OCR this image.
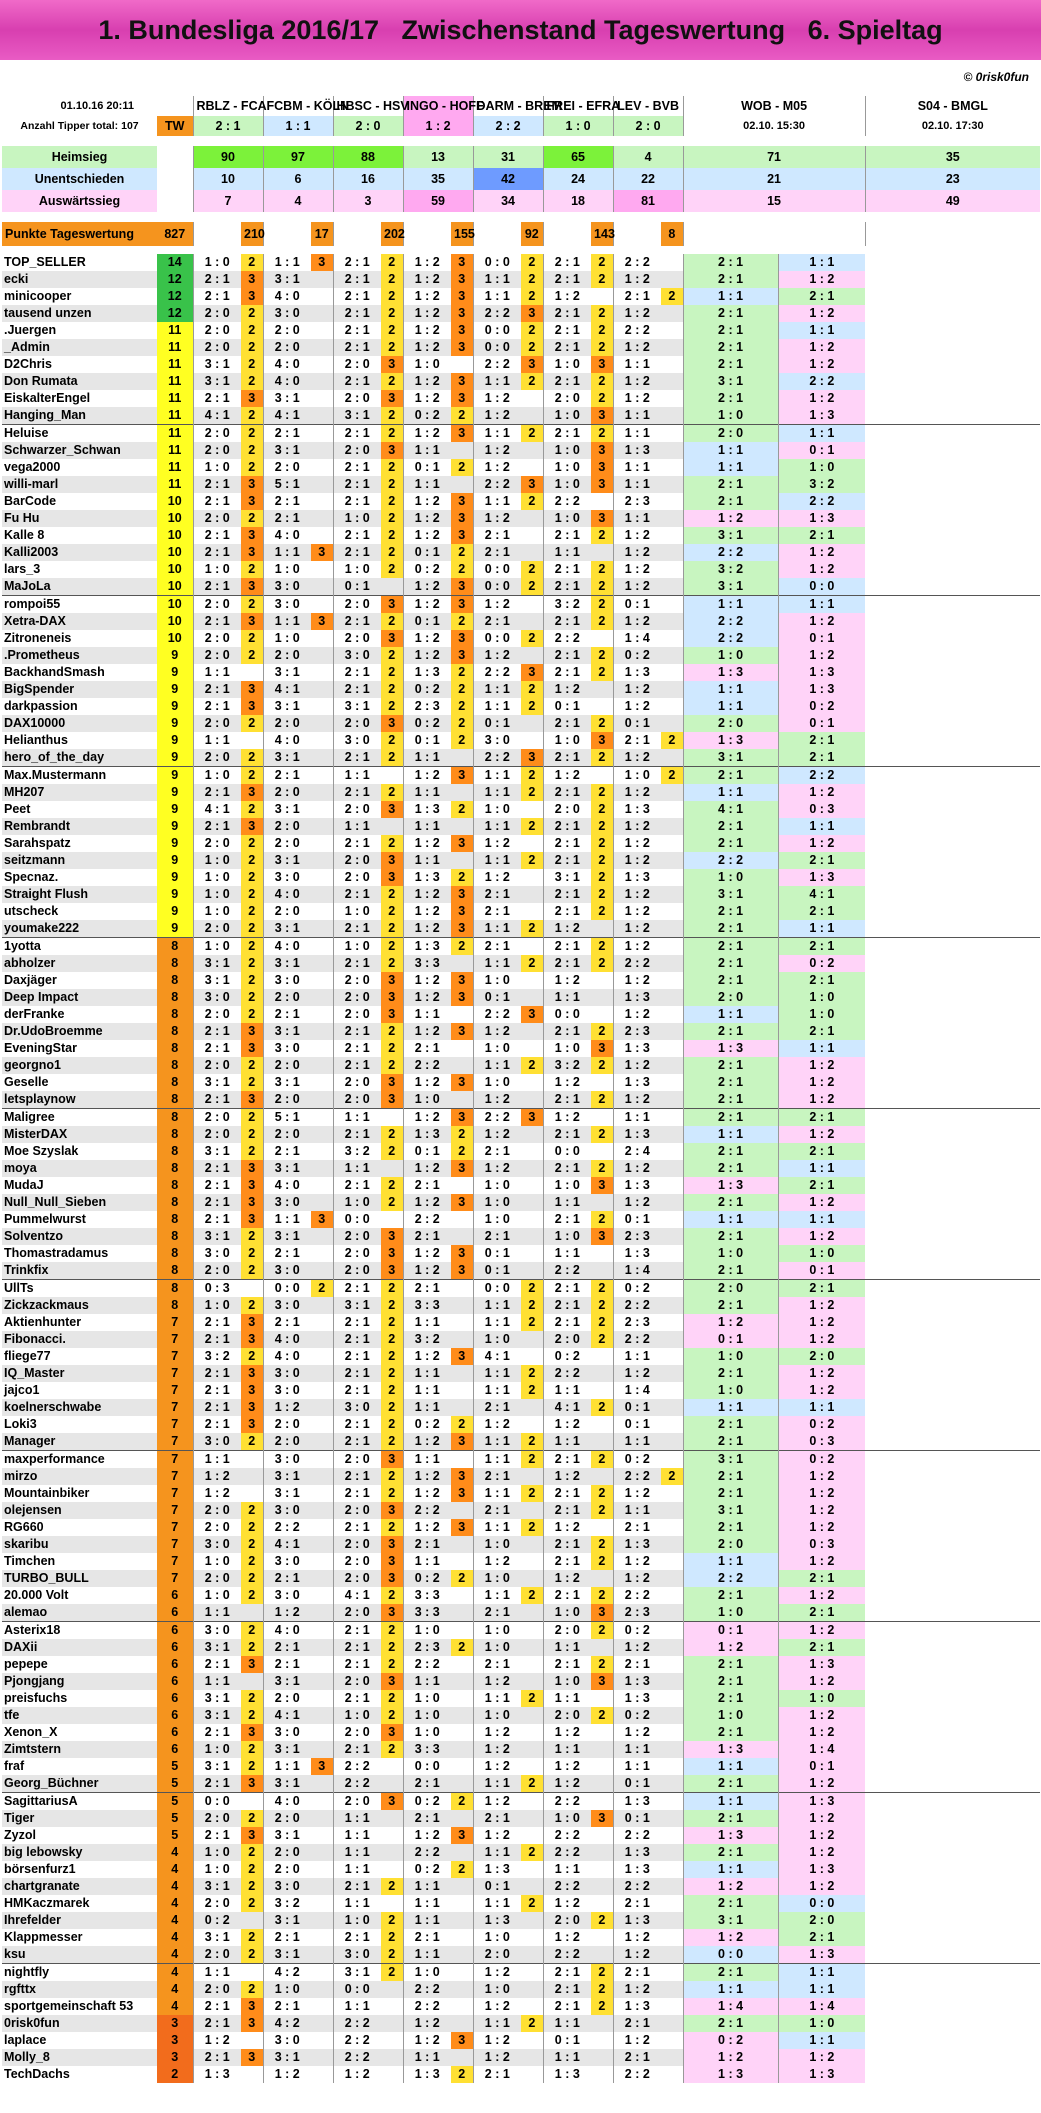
1. Bundesliga 2016/17   Zwischenstand Tageswertung   6. Spieltag
© 0risk0fun
01.10.16 20:11		RBLZ - FCA		FCBM - KÖLN		HBSC - HSV		INGO - HOFF		DARM - BREM		FREI - EFRA		LEV - BVB		WOB - M05		S04 - BMGL	
Anzahl Tipper total: 107	TW	2 : 1		1 : 1		2 : 0		1 : 2		2 : 2		1 : 0		2 : 0		02.10. 15:30		02.10. 17:30	

Heimsieg		90		97		88		13		31		65		4		71		35	
Unentschieden		10		6		16		35		42		24		22		21		23	
Auswärtssieg		7		4		3		59		34		18		81		15		49	

Punkte Tageswertung	827		210		17		202		155		92		143		8				

TOP_SELLER	14	1 : 0	2	1 : 1	3	2 : 1	2	1 : 2	3	0 : 0	2	2 : 1	2	2 : 2		2 : 1	1 : 1		
ecki	12	2 : 1	3	3 : 1		2 : 1	2	1 : 2	3	1 : 1	2	2 : 1	2	1 : 2		2 : 1	1 : 2		
minicooper	12	2 : 1	3	4 : 0		2 : 1	2	1 : 2	3	1 : 1	2	1 : 2		2 : 1	2	1 : 1	2 : 1		
tausend unzen	12	2 : 0	2	3 : 0		2 : 1	2	1 : 2	3	2 : 2	3	2 : 1	2	1 : 2		2 : 1	1 : 2		
.Juergen	11	2 : 0	2	2 : 0		2 : 1	2	1 : 2	3	0 : 0	2	2 : 1	2	2 : 2		2 : 1	1 : 1		
_Admin	11	2 : 0	2	2 : 0		2 : 1	2	1 : 2	3	0 : 0	2	2 : 1	2	1 : 2		2 : 1	1 : 2		
D2Chris	11	3 : 1	2	4 : 0		2 : 0	3	1 : 0		2 : 2	3	1 : 0	3	1 : 1		2 : 1	1 : 2		
Don Rumata	11	3 : 1	2	4 : 0		2 : 1	2	1 : 2	3	1 : 1	2	2 : 1	2	1 : 2		3 : 1	2 : 2		
EiskalterEngel	11	2 : 1	3	3 : 1		2 : 0	3	1 : 2	3	1 : 2		2 : 0	2	1 : 2		2 : 1	1 : 2		
Hanging_Man	11	4 : 1	2	4 : 1		3 : 1	2	0 : 2	2	1 : 2		1 : 0	3	1 : 1		1 : 0	1 : 3		
Heluise	11	2 : 0	2	2 : 1		2 : 1	2	1 : 2	3	1 : 1	2	2 : 1	2	1 : 1		2 : 0	1 : 1		
Schwarzer_Schwan	11	2 : 0	2	3 : 1		2 : 0	3	1 : 1		1 : 2		1 : 0	3	1 : 3		1 : 1	0 : 1		
vega2000	11	1 : 0	2	2 : 0		2 : 1	2	0 : 1	2	1 : 2		1 : 0	3	1 : 1		1 : 1	1 : 0		
willi-marl	11	2 : 1	3	5 : 1		2 : 1	2	1 : 1		2 : 2	3	1 : 0	3	1 : 1		2 : 1	3 : 2		
BarCode	10	2 : 1	3	2 : 1		2 : 1	2	1 : 2	3	1 : 1	2	2 : 2		2 : 3		2 : 1	2 : 2		
Fu Hu	10	2 : 0	2	2 : 1		1 : 0	2	1 : 2	3	1 : 2		1 : 0	3	1 : 1		1 : 2	1 : 3		
Kalle 8	10	2 : 1	3	4 : 0		2 : 1	2	1 : 2	3	2 : 1		2 : 1	2	1 : 2		3 : 1	2 : 1		
Kalli2003	10	2 : 1	3	1 : 1	3	2 : 1	2	0 : 1	2	2 : 1		1 : 1		1 : 2		2 : 2	1 : 2		
lars_3	10	1 : 0	2	1 : 0		1 : 0	2	0 : 2	2	0 : 0	2	2 : 1	2	1 : 2		3 : 2	1 : 2		
MaJoLa	10	2 : 1	3	3 : 0		0 : 1		1 : 2	3	0 : 0	2	2 : 1	2	1 : 2		3 : 1	0 : 0		
rompoi55	10	2 : 0	2	3 : 0		2 : 0	3	1 : 2	3	1 : 2		3 : 2	2	0 : 1		1 : 1	1 : 1		
Xetra-DAX	10	2 : 1	3	1 : 1	3	2 : 1	2	0 : 1	2	2 : 1		2 : 1	2	1 : 2		2 : 2	1 : 2		
Zitroneneis	10	2 : 0	2	1 : 0		2 : 0	3	1 : 2	3	0 : 0	2	2 : 2		1 : 4		2 : 2	0 : 1		
.Prometheus	9	2 : 0	2	2 : 0		3 : 0	2	1 : 2	3	1 : 2		2 : 1	2	0 : 2		1 : 0	1 : 2		
BackhandSmash	9	1 : 1		3 : 1		2 : 1	2	1 : 3	2	2 : 2	3	2 : 1	2	1 : 3		1 : 3	1 : 3		
BigSpender	9	2 : 1	3	4 : 1		2 : 1	2	0 : 2	2	1 : 1	2	1 : 2		1 : 2		1 : 1	1 : 3		
darkpassion	9	2 : 1	3	3 : 1		3 : 1	2	2 : 3	2	1 : 1	2	0 : 1		1 : 2		1 : 1	0 : 2		
DAX10000	9	2 : 0	2	2 : 0		2 : 0	3	0 : 2	2	0 : 1		2 : 1	2	0 : 1		2 : 0	0 : 1		
Helianthus	9	1 : 1		4 : 0		3 : 0	2	0 : 1	2	3 : 0		1 : 0	3	2 : 1	2	1 : 3	2 : 1		
hero_of_the_day	9	2 : 0	2	3 : 1		2 : 1	2	1 : 1		2 : 2	3	2 : 1	2	1 : 2		3 : 1	2 : 1		
Max.Mustermann	9	1 : 0	2	2 : 1		1 : 1		1 : 2	3	1 : 1	2	1 : 2		1 : 0	2	2 : 1	2 : 2		
MH207	9	2 : 1	3	2 : 0		2 : 1	2	1 : 1		1 : 1	2	2 : 1	2	1 : 2		1 : 1	1 : 2		
Peet	9	4 : 1	2	3 : 1		2 : 0	3	1 : 3	2	1 : 0		2 : 0	2	1 : 3		4 : 1	0 : 3		
Rembrandt	9	2 : 1	3	2 : 0		1 : 1		1 : 1		1 : 1	2	2 : 1	2	1 : 2		2 : 1	1 : 1		
Sarahspatz	9	2 : 0	2	2 : 0		2 : 1	2	1 : 2	3	1 : 2		2 : 1	2	1 : 2		2 : 1	1 : 2		
seitzmann	9	1 : 0	2	3 : 1		2 : 0	3	1 : 1		1 : 1	2	2 : 1	2	1 : 2		2 : 2	2 : 1		
Specnaz.	9	1 : 0	2	3 : 0		2 : 0	3	1 : 3	2	1 : 2		3 : 1	2	1 : 3		1 : 0	1 : 3		
Straight Flush	9	1 : 0	2	4 : 0		2 : 1	2	1 : 2	3	2 : 1		2 : 1	2	1 : 2		3 : 1	4 : 1		
utscheck	9	1 : 0	2	2 : 0		1 : 0	2	1 : 2	3	2 : 1		2 : 1	2	1 : 2		2 : 1	2 : 1		
youmake222	9	2 : 0	2	3 : 1		2 : 1	2	1 : 2	3	1 : 1	2	1 : 2		1 : 2		2 : 1	1 : 1		
1yotta	8	1 : 0	2	4 : 0		1 : 0	2	1 : 3	2	2 : 1		2 : 1	2	1 : 2		2 : 1	2 : 1		
abholzer	8	3 : 1	2	3 : 1		2 : 1	2	3 : 3		1 : 1	2	2 : 1	2	2 : 2		2 : 1	0 : 2		
Daxjäger	8	3 : 1	2	3 : 0		2 : 0	3	1 : 2	3	1 : 0		1 : 2		1 : 2		2 : 1	2 : 1		
Deep Impact	8	3 : 0	2	2 : 0		2 : 0	3	1 : 2	3	0 : 1		1 : 1		1 : 3		2 : 0	1 : 0		
derFranke	8	2 : 0	2	2 : 1		2 : 0	3	1 : 1		2 : 2	3	0 : 0		1 : 2		1 : 1	1 : 0		
Dr.UdoBroemme	8	2 : 1	3	3 : 1		2 : 1	2	1 : 2	3	1 : 2		2 : 1	2	2 : 3		2 : 1	2 : 1		
EveningStar	8	2 : 1	3	3 : 0		2 : 1	2	2 : 1		1 : 0		1 : 0	3	1 : 3		1 : 3	1 : 1		
georgno1	8	2 : 0	2	2 : 0		2 : 1	2	2 : 2		1 : 1	2	3 : 2	2	1 : 2		2 : 1	1 : 2		
Geselle	8	3 : 1	2	3 : 1		2 : 0	3	1 : 2	3	1 : 0		1 : 2		1 : 3		2 : 1	1 : 2		
letsplaynow	8	2 : 1	3	2 : 0		2 : 0	3	1 : 0		1 : 2		2 : 1	2	1 : 2		2 : 1	1 : 2		
Maligree	8	2 : 0	2	5 : 1		1 : 1		1 : 2	3	2 : 2	3	1 : 2		1 : 1		2 : 1	2 : 1		
MisterDAX	8	2 : 0	2	2 : 0		2 : 1	2	1 : 3	2	1 : 2		2 : 1	2	1 : 3		1 : 1	1 : 2		
Moe Szyslak	8	3 : 1	2	2 : 1		3 : 2	2	0 : 1	2	2 : 1		0 : 0		2 : 4		2 : 1	2 : 1		
moya	8	2 : 1	3	3 : 1		1 : 1		1 : 2	3	1 : 2		2 : 1	2	1 : 2		2 : 1	1 : 1		
MudaJ	8	2 : 1	3	4 : 0		2 : 1	2	2 : 1		1 : 0		1 : 0	3	1 : 3		1 : 3	2 : 1		
Null_Null_Sieben	8	2 : 1	3	3 : 0		1 : 0	2	1 : 2	3	1 : 0		1 : 1		1 : 2		2 : 1	1 : 2		
Pummelwurst	8	2 : 1	3	1 : 1	3	0 : 0		2 : 2		1 : 0		2 : 1	2	0 : 1		1 : 1	1 : 1		
Solventzo	8	3 : 1	2	3 : 1		2 : 0	3	2 : 1		2 : 1		1 : 0	3	2 : 3		2 : 1	1 : 2		
Thomastradamus	8	3 : 0	2	2 : 1		2 : 0	3	1 : 2	3	0 : 1		1 : 1		1 : 3		1 : 0	1 : 0		
Trinkfix	8	2 : 0	2	3 : 0		2 : 0	3	1 : 2	3	0 : 1		2 : 2		1 : 4		2 : 1	0 : 1		
UllTs	8	0 : 3		0 : 0	2	2 : 1	2	2 : 1		0 : 0	2	2 : 1	2	0 : 2		2 : 0	2 : 1		
Zickzackmaus	8	1 : 0	2	3 : 0		3 : 1	2	3 : 3		1 : 1	2	2 : 1	2	2 : 2		2 : 1	1 : 2		
Aktienhunter	7	2 : 1	3	2 : 1		2 : 1	2	1 : 1		1 : 1	2	2 : 1	2	2 : 3		1 : 2	1 : 2		
Fibonacci.	7	2 : 1	3	4 : 0		2 : 1	2	3 : 2		1 : 0		2 : 0	2	2 : 2		0 : 1	1 : 2		
fliege77	7	3 : 2	2	4 : 0		2 : 1	2	1 : 2	3	4 : 1		0 : 2		1 : 1		1 : 0	2 : 0		
IQ_Master	7	2 : 1	3	3 : 0		2 : 1	2	1 : 1		1 : 1	2	2 : 2		1 : 2		2 : 1	1 : 2		
jajco1	7	2 : 1	3	3 : 0		2 : 1	2	1 : 1		1 : 1	2	1 : 1		1 : 4		1 : 0	1 : 2		
koelnerschwabe	7	2 : 1	3	1 : 2		3 : 0	2	1 : 1		2 : 1		4 : 1	2	0 : 1		1 : 1	1 : 1		
Loki3	7	2 : 1	3	2 : 0		2 : 1	2	0 : 2	2	1 : 2		1 : 2		0 : 1		2 : 1	0 : 2		
Manager	7	3 : 0	2	2 : 0		2 : 1	2	1 : 2	3	1 : 1	2	1 : 1		1 : 1		2 : 1	0 : 3		
maxperformance	7	1 : 1		3 : 0		2 : 0	3	1 : 1		1 : 1	2	2 : 1	2	0 : 2		3 : 1	0 : 2		
mirzo	7	1 : 2		3 : 1		2 : 1	2	1 : 2	3	2 : 1		1 : 2		2 : 2	2	2 : 1	1 : 2		
Mountainbiker	7	1 : 2		3 : 1		2 : 1	2	1 : 2	3	1 : 1	2	2 : 1	2	1 : 2		2 : 1	1 : 2		
olejensen	7	2 : 0	2	3 : 0		2 : 0	3	2 : 2		2 : 1		2 : 1	2	1 : 1		3 : 1	1 : 2		
RG660	7	2 : 0	2	2 : 2		2 : 1	2	1 : 2	3	1 : 1	2	1 : 2		2 : 1		2 : 1	1 : 2		
skaribu	7	3 : 0	2	4 : 1		2 : 0	3	2 : 1		1 : 0		2 : 1	2	1 : 3		2 : 0	0 : 3		
Timchen	7	1 : 0	2	3 : 0		2 : 0	3	1 : 1		1 : 2		2 : 1	2	1 : 2		1 : 1	1 : 2		
TURBO_BULL	7	2 : 0	2	2 : 1		2 : 0	3	0 : 2	2	1 : 0		1 : 2		1 : 2		2 : 2	2 : 1		
20.000 Volt	6	1 : 0	2	3 : 0		4 : 1	2	3 : 3		1 : 1	2	2 : 1	2	2 : 2		2 : 1	1 : 2		
alemao	6	1 : 1		1 : 2		2 : 0	3	3 : 3		2 : 1		1 : 0	3	2 : 3		1 : 0	2 : 1		
Asterix18	6	3 : 0	2	4 : 0		2 : 1	2	1 : 0		1 : 0		2 : 0	2	0 : 2		0 : 1	1 : 2		
DAXii	6	3 : 1	2	2 : 1		2 : 1	2	2 : 3	2	1 : 0		1 : 1		1 : 2		1 : 2	2 : 1		
pepepe	6	2 : 1	3	2 : 1		2 : 1	2	2 : 2		2 : 1		2 : 1	2	2 : 1		2 : 1	1 : 3		
Pjongjang	6	1 : 1		3 : 1		2 : 0	3	1 : 1		1 : 2		1 : 0	3	1 : 3		2 : 1	1 : 2		
preisfuchs	6	3 : 1	2	2 : 0		2 : 1	2	1 : 0		1 : 1	2	1 : 1		1 : 3		2 : 1	1 : 0		
tfe	6	3 : 1	2	4 : 1		1 : 0	2	1 : 0		1 : 0		2 : 0	2	0 : 2		1 : 0	1 : 2		
Xenon_X	6	2 : 1	3	3 : 0		2 : 0	3	1 : 0		1 : 2		1 : 2		1 : 2		2 : 1	1 : 2		
Zimtstern	6	1 : 0	2	3 : 1		2 : 1	2	3 : 3		1 : 2		1 : 1		1 : 1		1 : 3	1 : 4		
fraf	5	3 : 1	2	1 : 1	3	2 : 2		0 : 0		1 : 2		1 : 2		1 : 1		1 : 1	0 : 1		
Georg_Büchner	5	2 : 1	3	3 : 1		2 : 2		2 : 1		1 : 1	2	1 : 2		0 : 1		2 : 1	1 : 2		
SagittariusA	5	0 : 0		4 : 0		2 : 0	3	0 : 2	2	1 : 2		2 : 2		1 : 3		1 : 1	1 : 3		
Tiger	5	2 : 0	2	2 : 0		1 : 1		2 : 1		2 : 1		1 : 0	3	0 : 1		2 : 1	1 : 2		
Zyzol	5	2 : 1	3	3 : 1		1 : 1		1 : 2	3	1 : 2		2 : 2		2 : 2		1 : 3	1 : 2		
big lebowsky	4	1 : 0	2	2 : 0		1 : 1		2 : 2		1 : 1	2	2 : 2		1 : 3		2 : 1	1 : 2		
börsenfurz1	4	1 : 0	2	2 : 0		1 : 1		0 : 2	2	1 : 3		1 : 1		1 : 3		1 : 1	1 : 3		
chartgranate	4	3 : 1	2	3 : 0		2 : 1	2	1 : 1		0 : 1		2 : 2		2 : 2		1 : 2	1 : 2		
HMKaczmarek	4	2 : 0	2	3 : 2		1 : 1		1 : 1		1 : 1	2	1 : 2		2 : 1		2 : 1	0 : 0		
Ihrefelder	4	0 : 2		3 : 1		1 : 0	2	1 : 1		1 : 3		2 : 0	2	1 : 3		3 : 1	2 : 0		
Klappmesser	4	3 : 1	2	2 : 1		2 : 1	2	2 : 1		1 : 0		1 : 2		1 : 2		1 : 2	2 : 1		
ksu	4	2 : 0	2	3 : 1		3 : 0	2	1 : 1		2 : 0		2 : 2		1 : 2		0 : 0	1 : 3		
nightfly	4	1 : 1		4 : 2		3 : 1	2	1 : 0		1 : 2		2 : 1	2	2 : 1		2 : 1	1 : 1		
rgfttx	4	2 : 0	2	1 : 0		0 : 0		2 : 2		1 : 0		2 : 1	2	1 : 2		1 : 1	1 : 1		
sportgemeinschaft 53	4	2 : 1	3	2 : 1		1 : 1		2 : 2		1 : 2		2 : 1	2	1 : 3		1 : 4	1 : 4		
0risk0fun	3	2 : 1	3	4 : 2		2 : 2		1 : 2		1 : 1	2	1 : 1		2 : 1		2 : 1	1 : 0		
laplace	3	1 : 2		3 : 0		2 : 2		1 : 2	3	1 : 2		0 : 1		1 : 2		0 : 2	1 : 1		
Molly_8	3	2 : 1	3	3 : 1		2 : 2		1 : 1		1 : 2		1 : 1		2 : 1		1 : 2	1 : 2		
TechDachs	2	1 : 3		1 : 2		1 : 2		1 : 3	2	2 : 1		1 : 3		2 : 2		1 : 3	1 : 3		
